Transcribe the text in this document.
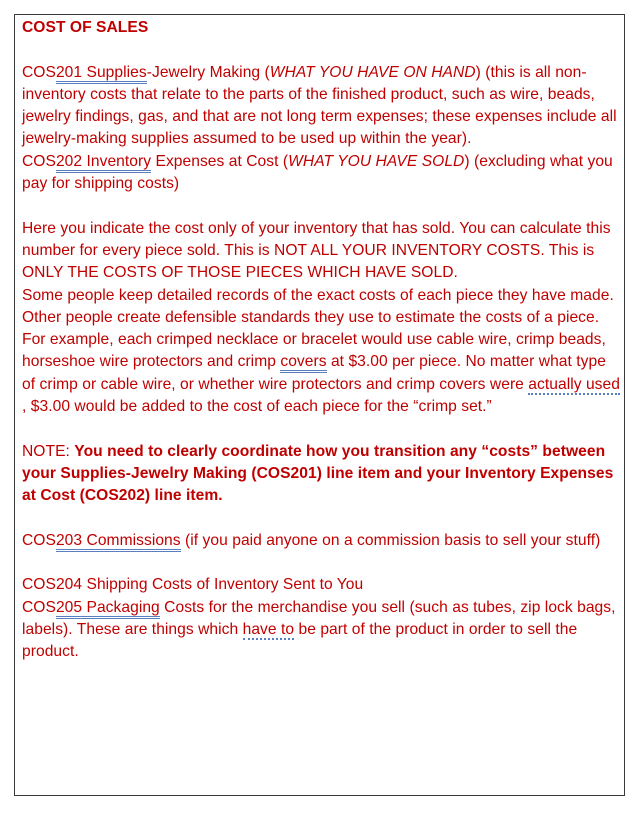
COST OF SALES

COS201 Supplies-Jewelry Making (WHAT YOU HAVE ON HAND) (this is all non-inventory costs that relate to the parts of the finished product, such as wire, beads, jewelry findings, gas, and that are not long term expenses; these expenses include all jewelry-making supplies assumed to be used up within the year).

COS202 Inventory Expenses at Cost (WHAT YOU HAVE SOLD) (excluding what you pay for shipping costs)

Here you indicate the cost only of your inventory that has sold. You can calculate this number for every piece sold. This is NOT ALL YOUR INVENTORY COSTS. This is ONLY THE COSTS OF THOSE PIECES WHICH HAVE SOLD.

Some people keep detailed records of the exact costs of each piece they have made.

Other people create defensible standards they use to estimate the costs of a piece. For example, each crimped necklace or bracelet would use cable wire, crimp beads, horseshoe wire protectors and crimp covers at $3.00 per piece. No matter what type of crimp or cable wire, or whether wire protectors and crimp covers were actually used, $3.00 would be added to the cost of each piece for the “crimp set.”

NOTE: You need to clearly coordinate how you transition any “costs” between your Supplies-Jewelry Making (COS201) line item and your Inventory Expenses at Cost (COS202) line item.

COS203 Commissions (if you paid anyone on a commission basis to sell your stuff)

COS204 Shipping Costs of Inventory Sent to You

COS205 Packaging Costs for the merchandise you sell (such as tubes, zip lock bags, labels). These are things which have to be part of the product in order to sell the product.
